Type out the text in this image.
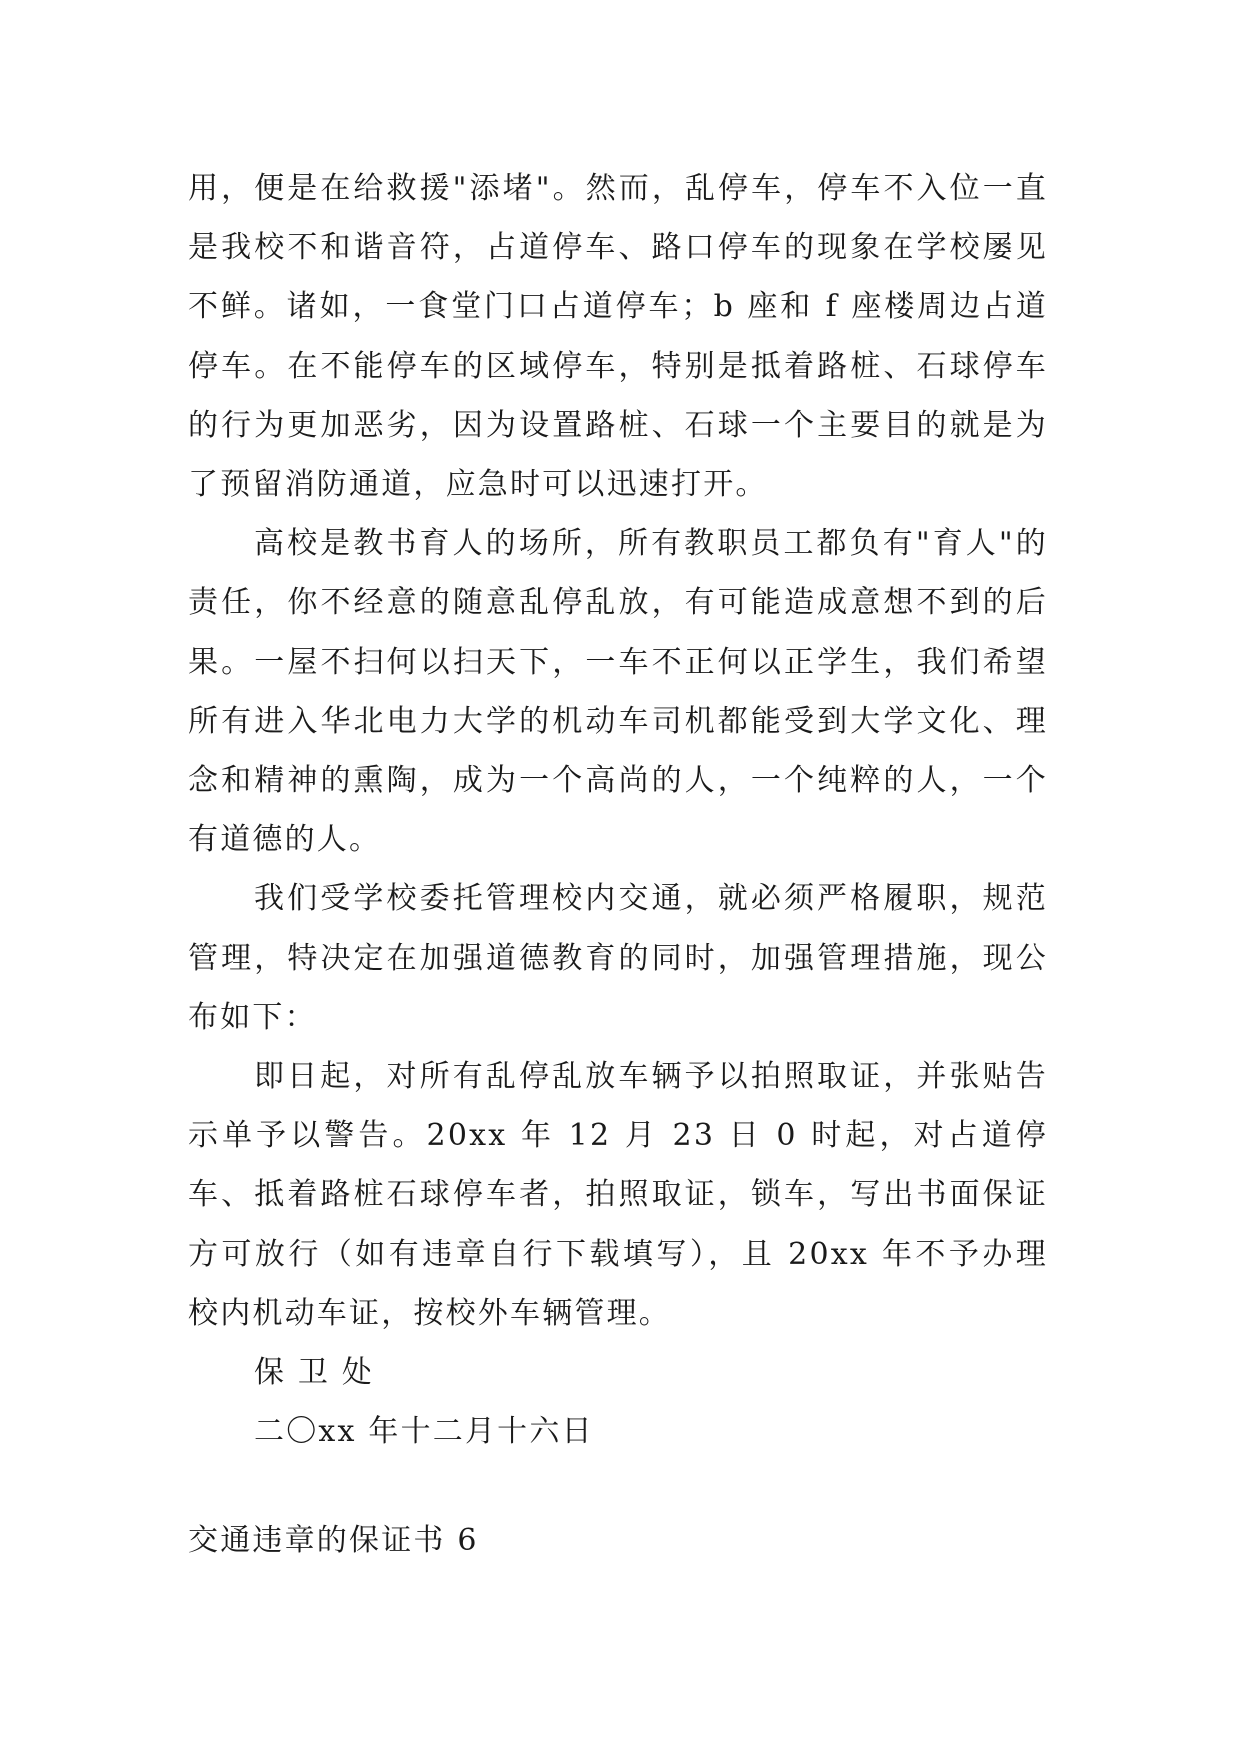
用，便是在给救援"添堵"。然而，乱停车，停车不入位一直是我校不和谐音符，占道停车、路口停车的现象在学校屡见不鲜。诸如，一食堂门口占道停车；b 座和 f 座楼周边占道停车。在不能停车的区域停车，特别是抵着路桩、石球停车的行为更加恶劣，因为设置路桩、石球一个主要目的就是为了预留消防通道，应急时可以迅速打开。
高校是教书育人的场所，所有教职员工都负有"育人"的责任，你不经意的随意乱停乱放，有可能造成意想不到的后果。一屋不扫何以扫天下，一车不正何以正学生，我们希望所有进入华北电力大学的机动车司机都能受到大学文化、理念和精神的熏陶，成为一个高尚的人，一个纯粹的人，一个有道德的人。
我们受学校委托管理校内交通，就必须严格履职，规范管理，特决定在加强道德教育的同时，加强管理措施，现公布如下：
即日起，对所有乱停乱放车辆予以拍照取证，并张贴告示单予以警告。20xx 年 12 月 23 日 0 时起，对占道停车、抵着路桩石球停车者，拍照取证，锁车，写出书面保证方可放行（如有违章自行下载填写），且 20xx 年不予办理校内机动车证，按校外车辆管理。

保 卫 处

二〇xx 年十二月十六日

交通违章的保证书 6
